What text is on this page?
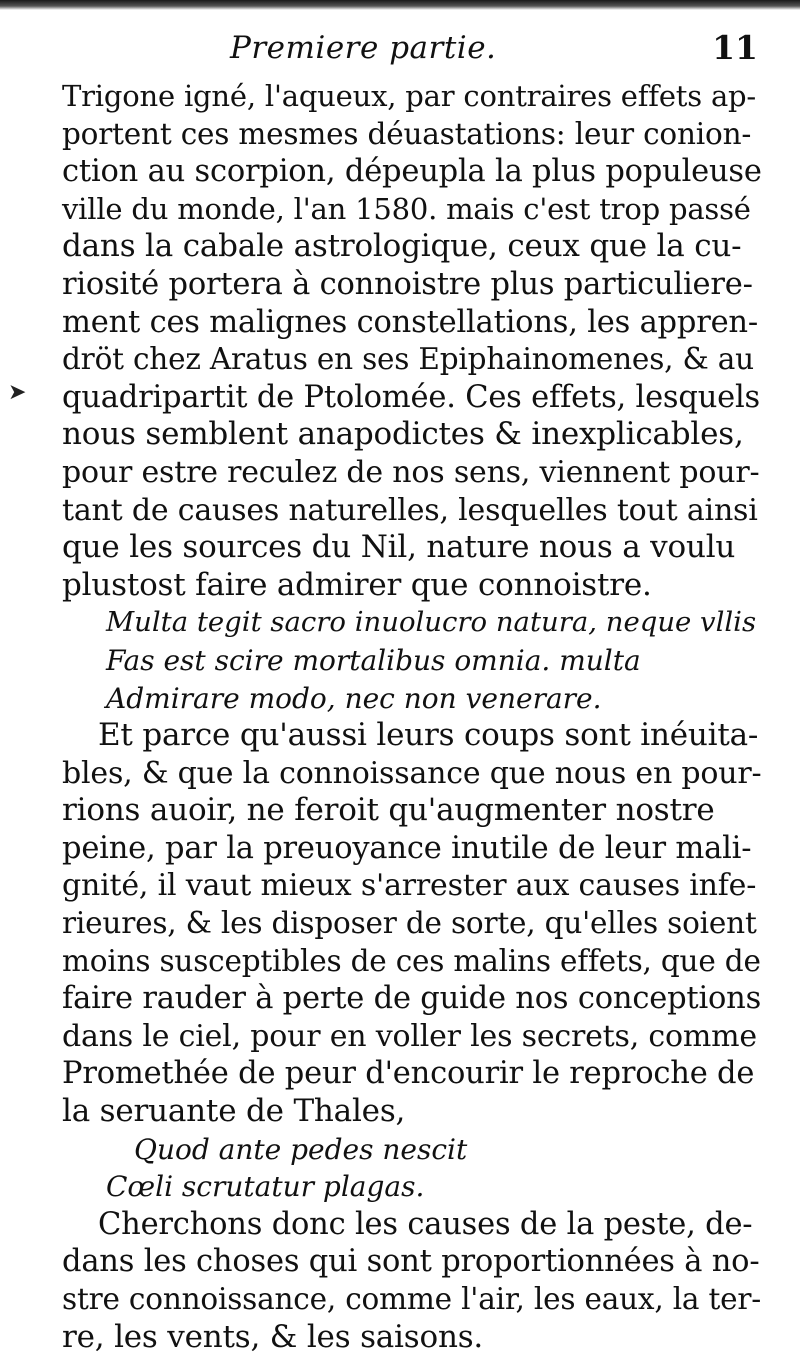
➤
Premiere partie.	11
Trigone igné, l'aqueux, par contraires effets ap-
portent ces mesmes déuastations: leur conion-
ction au scorpion, dépeupla la plus populeuse
ville du monde, l'an 1580. mais c'est trop passé
dans la cabale astrologique, ceux que la cu-
riosité portera à connoistre plus particuliere-
ment ces malignes constellations, les appren-
dröt chez Aratus en ses Epiphainomenes, & au
quadripartit de Ptolomée. Ces effets, lesquels
nous semblent anapodictes & inexplicables,
pour estre reculez de nos sens, viennent pour-
tant de causes naturelles, lesquelles tout ainsi
que les sources du Nil, nature nous a voulu
plustost faire admirer que connoistre.
Multa tegit sacro inuolucro natura, neque vllis
Fas est scire mortalibus omnia. multa
Admirare modo, nec non venerare.
Et parce qu'aussi leurs coups sont inéuita-
bles, & que la connoissance que nous en pour-
rions auoir, ne feroit qu'augmenter nostre
peine, par la preuoyance inutile de leur mali-
gnité, il vaut mieux s'arrester aux causes infe-
rieures, & les disposer de sorte, qu'elles soient
moins susceptibles de ces malins effets, que de
faire rauder à perte de guide nos conceptions
dans le ciel, pour en voller les secrets, comme
Promethée de peur d'encourir le reproche de
la seruante de Thales,
Quod ante pedes nescit
Cœli scrutatur plagas.
Cherchons donc les causes de la peste, de-
dans les choses qui sont proportionnées à no-
stre connoissance, comme l'air, les eaux, la ter-
re, les vents, & les saisons.
